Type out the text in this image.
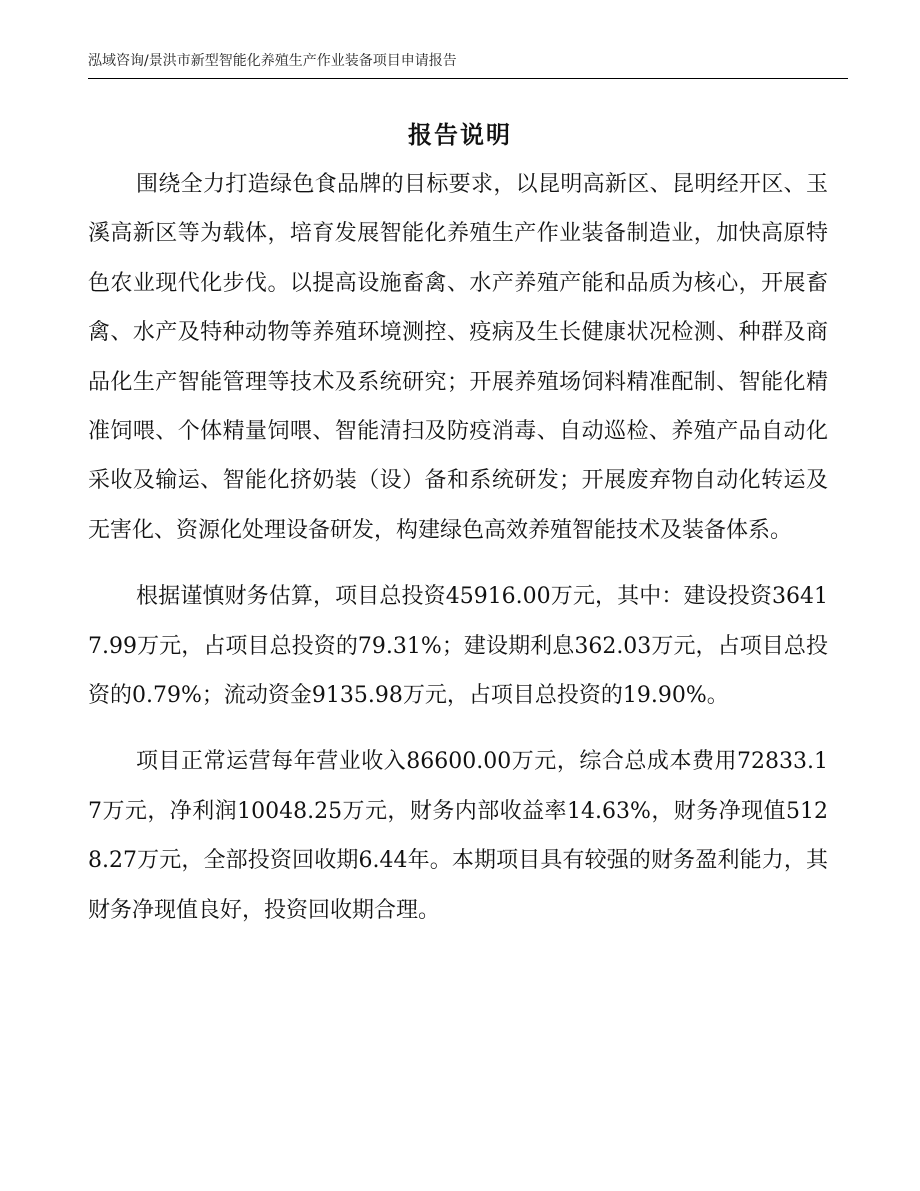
泓域咨询/景洪市新型智能化养殖生产作业装备项目申请报告
报告说明

围绕全力打造绿色食品牌的目标要求，以昆明高新区、昆明经开区、玉溪高新区等为载体，培育发展智能化养殖生产作业装备制造业，加快高原特色农业现代化步伐。以提高设施畜禽、水产养殖产能和品质为核心，开展畜禽、水产及特种动物等养殖环境测控、疫病及生长健康状况检测、种群及商品化生产智能管理等技术及系统研究；开展养殖场饲料精准配制、智能化精准饲喂、个体精量饲喂、智能清扫及防疫消毒、自动巡检、养殖产品自动化采收及输运、智能化挤奶装（设）备和系统研发；开展废弃物自动化转运及无害化、资源化处理设备研发，构建绿色高效养殖智能技术及装备体系。

根据谨慎财务估算，项目总投资45916.00万元，其中：建设投资36417.99万元，占项目总投资的79.31%；建设期利息362.03万元，占项目总投资的0.79%；流动资金9135.98万元，占项目总投资的19.90%。

项目正常运营每年营业收入86600.00万元，综合总成本费用72833.17万元，净利润10048.25万元，财务内部收益率14.63%，财务净现值5128.27万元，全部投资回收期6.44年。本期项目具有较强的财务盈利能力，其财务净现值良好，投资回收期合理。
